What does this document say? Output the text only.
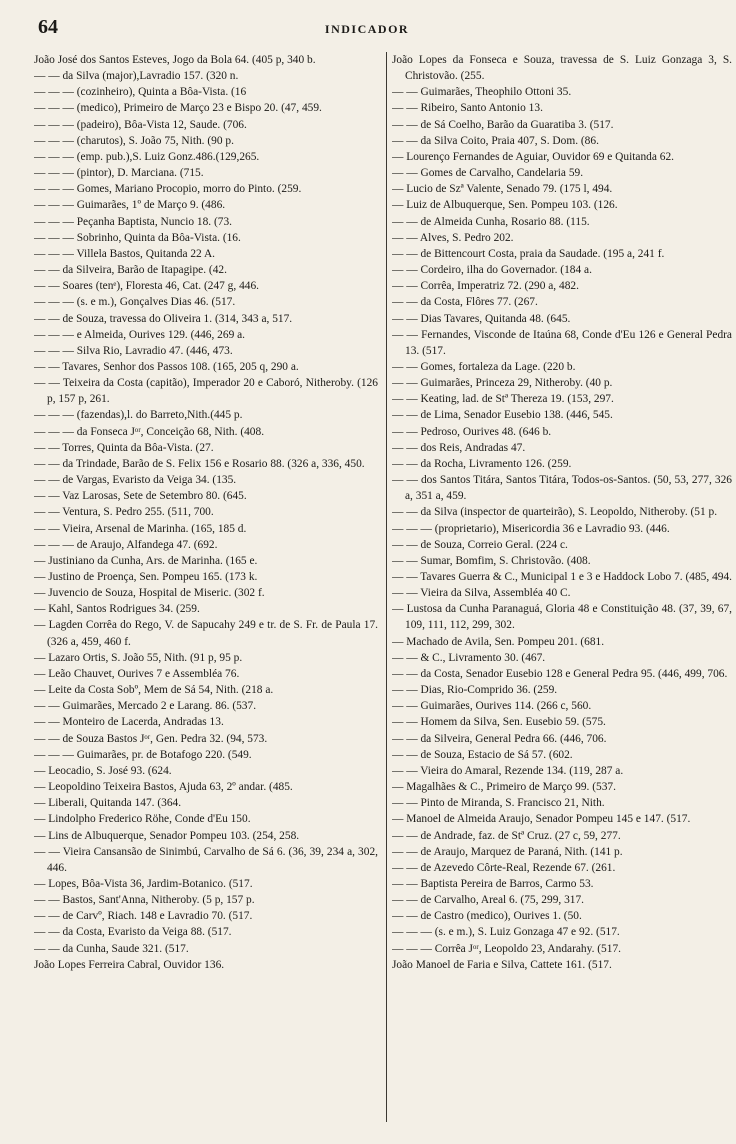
64	INDICADOR

João José dos Santos Esteves, Jogo da Bola 64. (405 p, 340 b.

— — da Silva (major),Lavradio 157. (320 n.

— — — (cozinheiro), Quinta a Bôa-Vista. (16

— — — (medico), Primeiro de Março 23 e Bispo 20. (47, 459.

— — — (padeiro), Bôa-Vista 12, Saude. (706.

— — — (charutos), S. João 75, Nith. (90 p.

— — — (emp. pub.),S. Luiz Gonz.486.(129,265.

— — — (pintor), D. Marciana. (715.

— — — Gomes, Mariano Procopio, morro do Pinto. (259.

— — — Guimarães, 1º de Março 9. (486.

— — — Peçanha Baptista, Nuncio 18. (73.

— — — Sobrinho, Quinta da Bôa-Vista. (16.

— — — Villela Bastos, Quitanda 22 A.

— — da Silveira, Barão de Itapagipe. (42.

— — Soares (tenᵉ), Floresta 46, Cat. (247 g, 446.

— — — (s. e m.), Gonçalves Dias 46. (517.

— — de Souza, travessa do Oliveira 1. (314, 343 a, 517.

— — — e Almeida, Ourives 129. (446, 269 a.

— — — Silva Rio, Lavradio 47. (446, 473.

— — Tavares, Senhor dos Passos 108. (165, 205 q, 290 a.

— — Teixeira da Costa (capitão), Imperador 20 e Caboró, Nitheroby. (126 p, 157 p, 261.

— — — (fazendas),l. do Barreto,Nith.(445 p.

— — — da Fonseca Jᵒʳ, Conceição 68, Nith. (408.

— — Torres, Quinta da Bôa-Vista. (27.

— — da Trindade, Barão de S. Felix 156 e Rosario 88. (326 a, 336, 450.

— — de Vargas, Evaristo da Veiga 34. (135.

— — Vaz Larosas, Sete de Setembro 80. (645.

— — Ventura, S. Pedro 255. (511, 700.

— — Vieira, Arsenal de Marinha. (165, 185 d.

— — — de Araujo, Alfandega 47. (692.

— Justiniano da Cunha, Ars. de Marinha. (165 e.

— Justino de Proença, Sen. Pompeu 165. (173 k.

— Juvencio de Souza, Hospital de Miseric. (302 f.

— Kahl, Santos Rodrigues 34. (259.

— Lagden Corrêa do Rego, V. de Sapucahy 249 e tr. de S. Fr. de Paula 17. (326 a, 459, 460 f.

— Lazaro Ortis, S. João 55, Nith. (91 p, 95 p.

— Leão Chauvet, Ourives 7 e Assembléa 76.

— Leite da Costa Sobº, Mem de Sá 54, Nith. (218 a.

— — Guimarães, Mercado 2 e Larang. 86. (537.

— — Monteiro de Lacerda, Andradas 13.

— — de Souza Bastos Jᵒʳ, Gen. Pedra 32. (94, 573.

— — — Guimarães, pr. de Botafogo 220. (549.

— Leocadio, S. José 93. (624.

— Leopoldino Teixeira Bastos, Ajuda 63, 2º andar. (485.

— Liberali, Quitanda 147. (364.

— Lindolpho Frederico Röhe, Conde d'Eu 150.

— Lins de Albuquerque, Senador Pompeu 103. (254, 258.

— — Vieira Cansansão de Sinimbú, Carvalho de Sá 6. (36, 39, 234 a, 302, 446.

— Lopes, Bôa-Vista 36, Jardim-Botanico. (517.

— — Bastos, Sant'Anna, Nitheroby. (5 p, 157 p.

— — de Carvº, Riach. 148 e Lavradio 70. (517.

— — da Costa, Evaristo da Veiga 88. (517.

— — da Cunha, Saude 321. (517.

João Lopes Ferreira Cabral, Ouvidor 136.

João Lopes da Fonseca e Souza, travessa de S. Luiz Gonzaga 3, S. Christovão. (255.

— — Guimarães, Theophilo Ottoni 35.

— — Ribeiro, Santo Antonio 13.

— — de Sá Coelho, Barão da Guaratiba 3. (517.

— — da Silva Coito, Praia 407, S. Dom. (86.

— Lourenço Fernandes de Aguiar, Ouvidor 69 e Quitanda 62.

— — Gomes de Carvalho, Candelaria 59.

— Lucio de Szª Valente, Senado 79. (175 l, 494.

— Luiz de Albuquerque, Sen. Pompeu 103. (126.

— — de Almeida Cunha, Rosario 88. (115.

— — Alves, S. Pedro 202.

— — de Bittencourt Costa, praia da Saudade. (195 a, 241 f.

— — Cordeiro, ilha do Governador. (184 a.

— — Corrêa, Imperatriz 72. (290 a, 482.

— — da Costa, Flôres 77. (267.

— — Dias Tavares, Quitanda 48. (645.

— — Fernandes, Visconde de Itaúna 68, Conde d'Eu 126 e General Pedra 13. (517.

— — Gomes, fortaleza da Lage. (220 b.

— — Guimarães, Princeza 29, Nitheroby. (40 p.

— — Keating, lad. de Stª Thereza 19. (153, 297.

— — de Lima, Senador Eusebio 138. (446, 545.

— — Pedroso, Ourives 48. (646 b.

— — dos Reis, Andradas 47.

— — da Rocha, Livramento 126. (259.

— — dos Santos Titára, Santos Titára, Todos-os-Santos. (50, 53, 277, 326 a, 351 a, 459.

— — da Silva (inspector de quarteirão), S. Leopoldo, Nitheroby. (51 p.

— — — (proprietario), Misericordia 36 e Lavradio 93. (446.

— — de Souza, Correio Geral. (224 c.

— — Sumar, Bomfim, S. Christovão. (408.

— — Tavares Guerra & C., Municipal 1 e 3 e Haddock Lobo 7. (485, 494.

— — Vieira da Silva, Assembléa 40 C.

— Lustosa da Cunha Paranaguá, Gloria 48 e Constituição 48. (37, 39, 67, 109, 111, 112, 299, 302.

— Machado de Avila, Sen. Pompeu 201. (681.

— — & C., Livramento 30. (467.

— — da Costa, Senador Eusebio 128 e General Pedra 95. (446, 499, 706.

— — Dias, Rio-Comprido 36. (259.

— — Guimarães, Ourives 114. (266 c, 560.

— — Homem da Silva, Sen. Eusebio 59. (575.

— — da Silveira, General Pedra 66. (446, 706.

— — de Souza, Estacio de Sá 57. (602.

— — Vieira do Amaral, Rezende 134. (119, 287 a.

— Magalhães & C., Primeiro de Março 99. (537.

— — Pinto de Miranda, S. Francisco 21, Nith.

— Manoel de Almeida Araujo, Senador Pompeu 145 e 147. (517.

— — de Andrade, faz. de Stª Cruz. (27 c, 59, 277.

— — de Araujo, Marquez de Paraná, Nith. (141 p.

— — de Azevedo Côrte-Real, Rezende 67. (261.

— — Baptista Pereira de Barros, Carmo 53.

— — de Carvalho, Areal 6. (75, 299, 317.

— — de Castro (medico), Ourives 1. (50.

— — — (s. e m.), S. Luiz Gonzaga 47 e 92. (517.

— — — Corrêa Jᵒʳ, Leopoldo 23, Andarahy. (517.

João Manoel de Faria e Silva, Cattete 161. (517.
